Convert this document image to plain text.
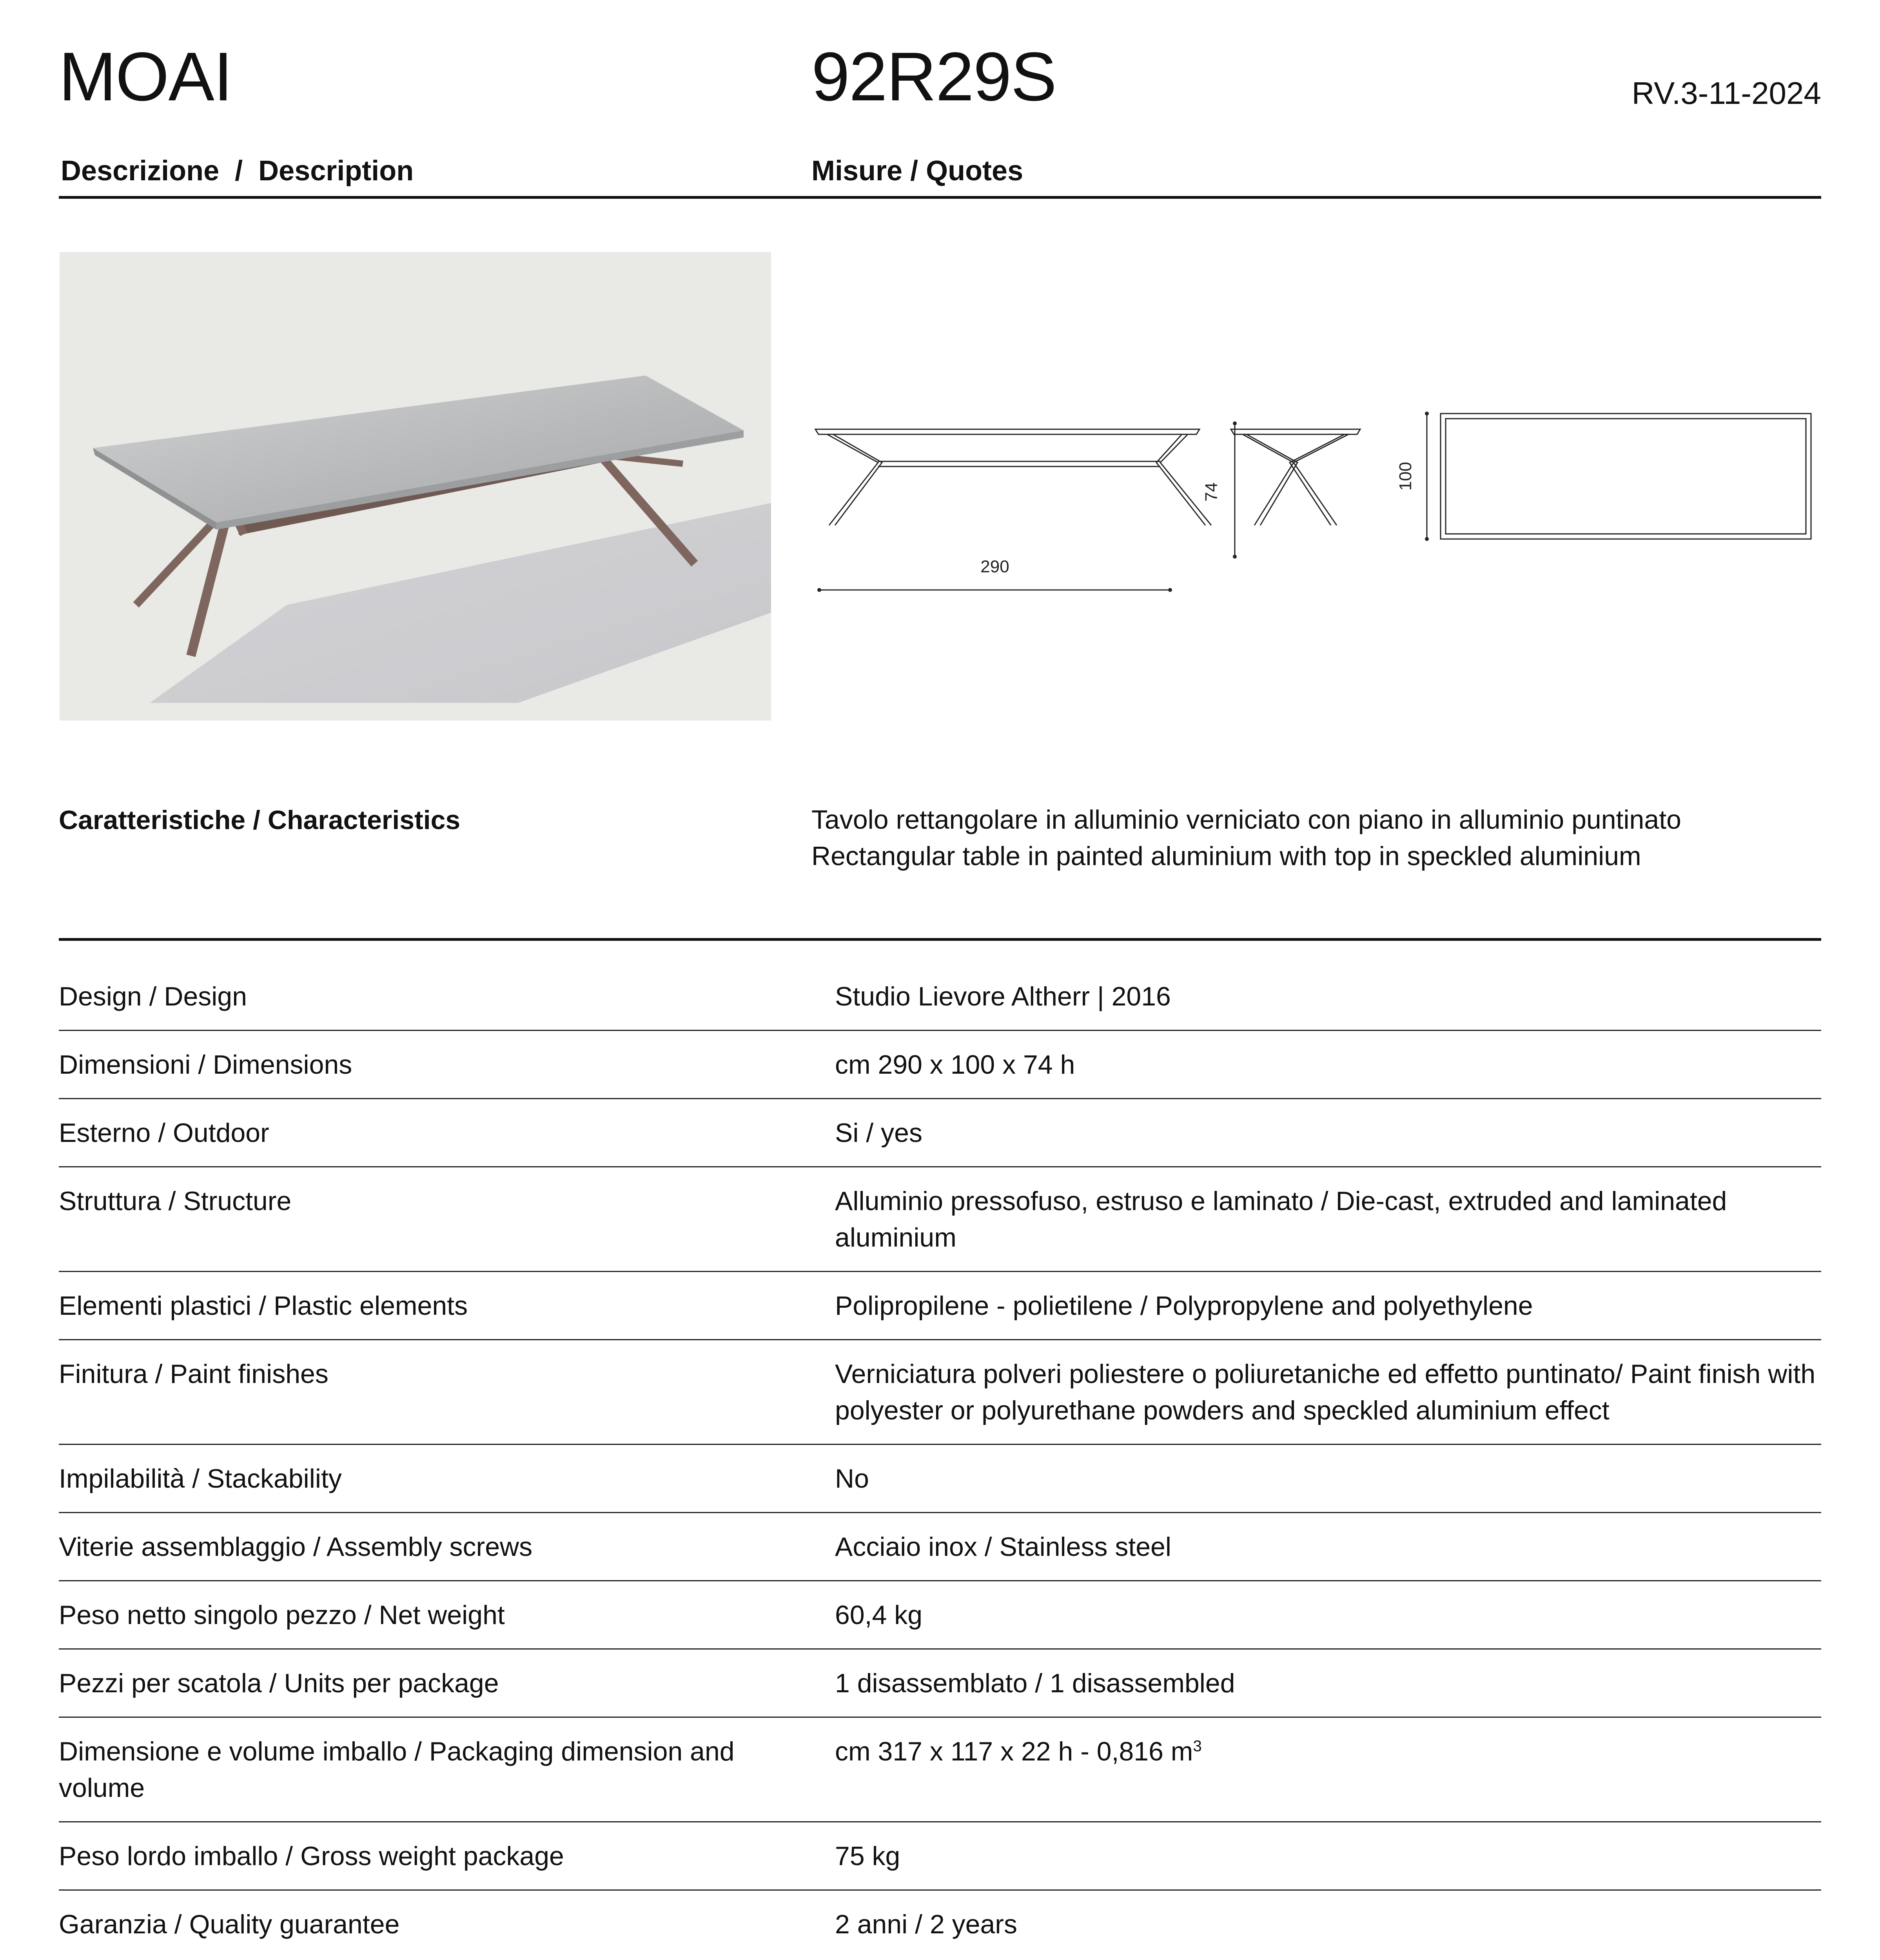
MOAI	92R29S	RV.3-11-2024
Descrizione  /  Description	Misure / Quotes
290
74
100
Caratteristiche / Characteristics	Tavolo rettangolare in alluminio verniciato con piano in alluminio puntinato
Rectangular table in painted aluminium with top in speckled aluminium
Design / Design	Studio Lievore Altherr | 2016
Dimensioni / Dimensions	cm 290 x 100 x 74 h
Esterno / Outdoor	Si / yes
Struttura / Structure	Alluminio pressofuso, estruso e laminato / Die-cast, extruded and laminated aluminium
Elementi plastici / Plastic elements	Polipropilene - polietilene / Polypropylene and polyethylene
Finitura / Paint finishes	Verniciatura polveri poliestere o poliuretaniche ed effetto puntinato/ Paint finish with polyester or polyurethane powders and speckled aluminium effect
Impilabilità / Stackability	No
Viterie assemblaggio / Assembly screws	Acciaio inox / Stainless steel
Peso netto singolo pezzo / Net weight	60,4 kg
Pezzi per scatola / Units per package	1 disassemblato / 1 disassembled
Dimensione e volume imballo / Packaging dimension and volume	cm 317 x 117 x 22 h - 0,816 $m^3$
Peso lordo imballo / Gross weight package	75 kg
Garanzia / Quality guarantee	2 anni / 2 years
